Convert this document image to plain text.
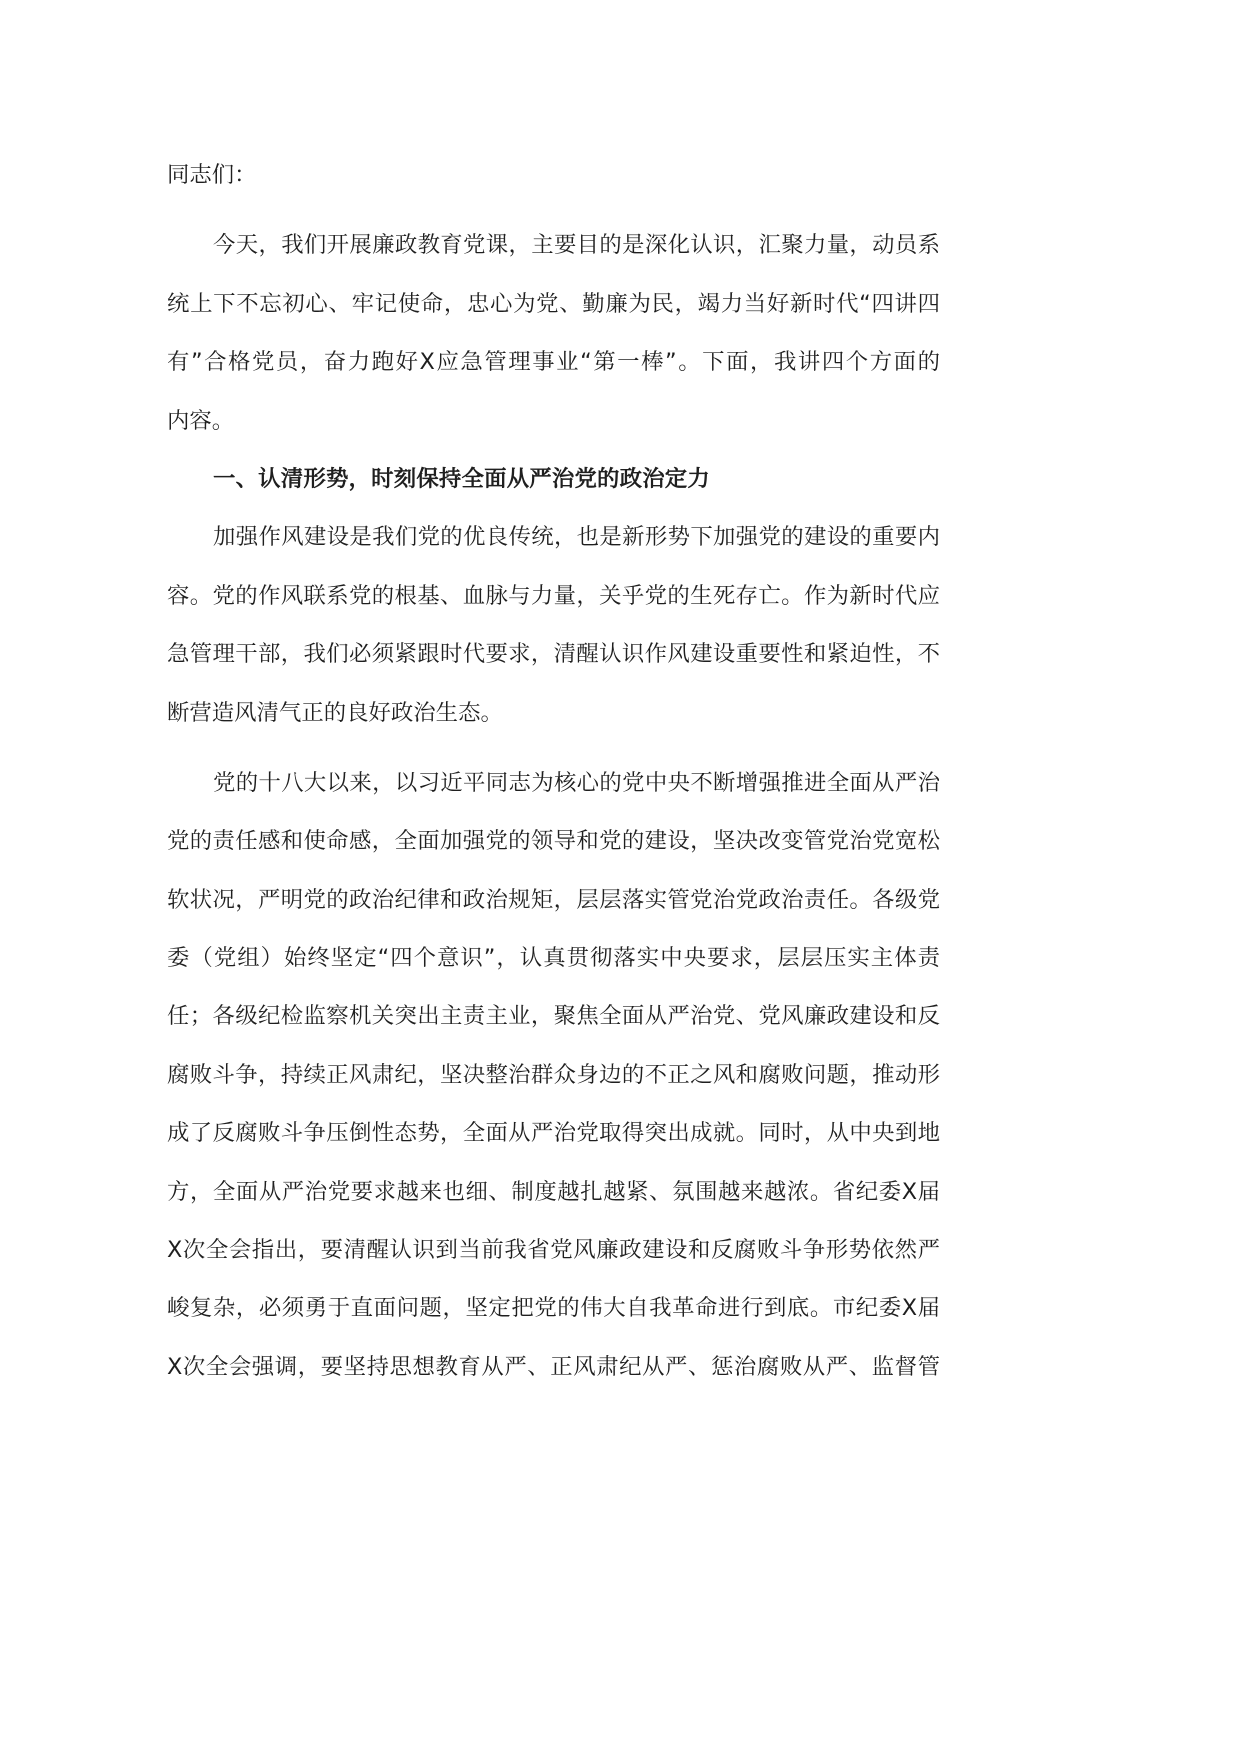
同志们：
今天，我们开展廉政教育党课，主要目的是深化认识，汇聚力量，动员系
统上下不忘初心、牢记使命，忠心为党、勤廉为民，竭力当好新时代“四讲四
有”合格党员，奋力跑好X应急管理事业“第一棒”。下面，我讲四个方面的
内容。
一、认清形势，时刻保持全面从严治党的政治定力
加强作风建设是我们党的优良传统，也是新形势下加强党的建设的重要内
容。党的作风联系党的根基、血脉与力量，关乎党的生死存亡。作为新时代应
急管理干部，我们必须紧跟时代要求，清醒认识作风建设重要性和紧迫性，不
断营造风清气正的良好政治生态。
党的十八大以来，以习近平同志为核心的党中央不断增强推进全面从严治
党的责任感和使命感，全面加强党的领导和党的建设，坚决改变管党治党宽松
软状况，严明党的政治纪律和政治规矩，层层落实管党治党政治责任。各级党
委（党组）始终坚定“四个意识”，认真贯彻落实中央要求，层层压实主体责
任；各级纪检监察机关突出主责主业，聚焦全面从严治党、党风廉政建设和反
腐败斗争，持续正风肃纪，坚决整治群众身边的不正之风和腐败问题，推动形
成了反腐败斗争压倒性态势，全面从严治党取得突出成就。同时，从中央到地
方，全面从严治党要求越来也细、制度越扎越紧、氛围越来越浓。省纪委X届
X次全会指出，要清醒认识到当前我省党风廉政建设和反腐败斗争形势依然严
峻复杂，必须勇于直面问题，坚定把党的伟大自我革命进行到底。市纪委X届
X次全会强调，要坚持思想教育从严、正风肃纪从严、惩治腐败从严、监督管
